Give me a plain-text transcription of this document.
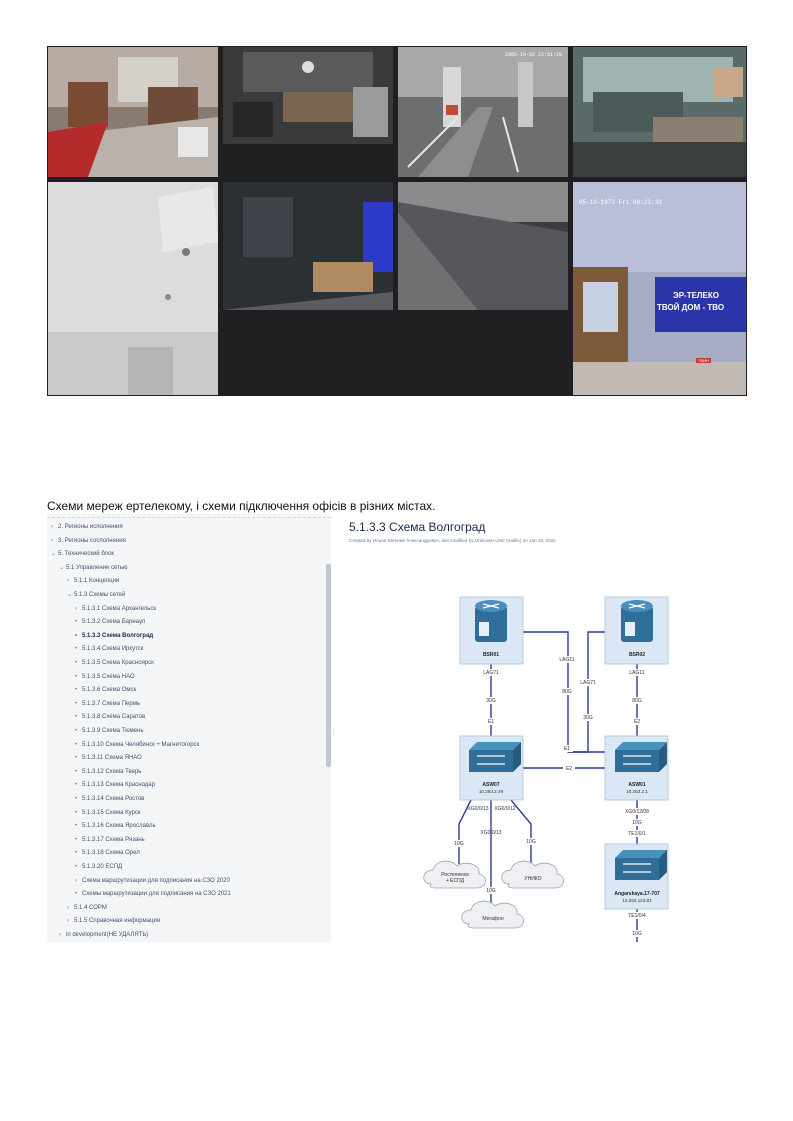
2005-10-02 22:51:20
05-10-1973 Fri 00:23:33
ЭР-ТЕЛЕКО
ТВОЙ ДОМ - ТВО
ТВИН
Схеми мереж ертелекому, і схеми підключення офісів в різних містах.
› 2. Регионы исполнения
› 3. Регионы сосполнения
⌄ 5. Технический блок
⌄ 5.1 Управление сетью
› 5.1.1 Концепции
⌄ 5.1.3 Схемы сетей
› 5.1.3.1 Схема Архангельск
• 5.1.3.2 Схема Барнаул
• 5.1.3.3 Схема Волгоград
• 5.1.3.4 Схема Иркутск
• 5.1.3.5 Схема Красноярск
• 5.1.3.5 Схема НАО
• 5.1.3.6 Схема Омск
• 5.1.3.7 Схема Пермь
• 5.1.3.8 Схема Саратов
• 5.1.3.9 Схема Тюмень
• 5.1.3.10 Схема Челябинск + Магнитогорск
• 5.1.3.11 Схема ЯНАО
• 5.1.3.12 Схема Тверь
• 5.1.3.13 Схема Краснодар
• 5.1.3.14 Схема Ростов
• 5.1.3.15 Схема Курск
• 5.1.3.16 Схема Ярославль
• 5.1.3.17 Схема Рязань
• 5.1.3.18 Схема Орел
• 5.1.3.20 ЕСПД
› Схема маршрутизации для подписания на СЗО 2020
• Схемы маршрутизации для подписания на СЗО 2021
› 5.1.4 СОРМ
› 5.1.5 Справочная информация
› in development(НЕ УДАЛЯТЬ)
⁞
5.1.3.3 Схема Волгоград
Created by Ильин Евгений Александрович, last modified by Unknown User (malfin) on Jan 18, 2022
LAG71
30G
E1
LAG11
80G
E1
LAG71
30G
LAG11
80G
E2
E2
XG0/0/13 XG0/0/12
XG0/0/13
10G	10G
10G
XG0/12/08
10G
TE1/0/1
TE1/0/4
10G
BSR01	BSR02
ASW07
10.253.2.49
ASW01
10.253.2.1
Angarskaya.17-707
10.253.123.81
Ростелеком
+ ЕСПД	УНИКО
Мегафон
